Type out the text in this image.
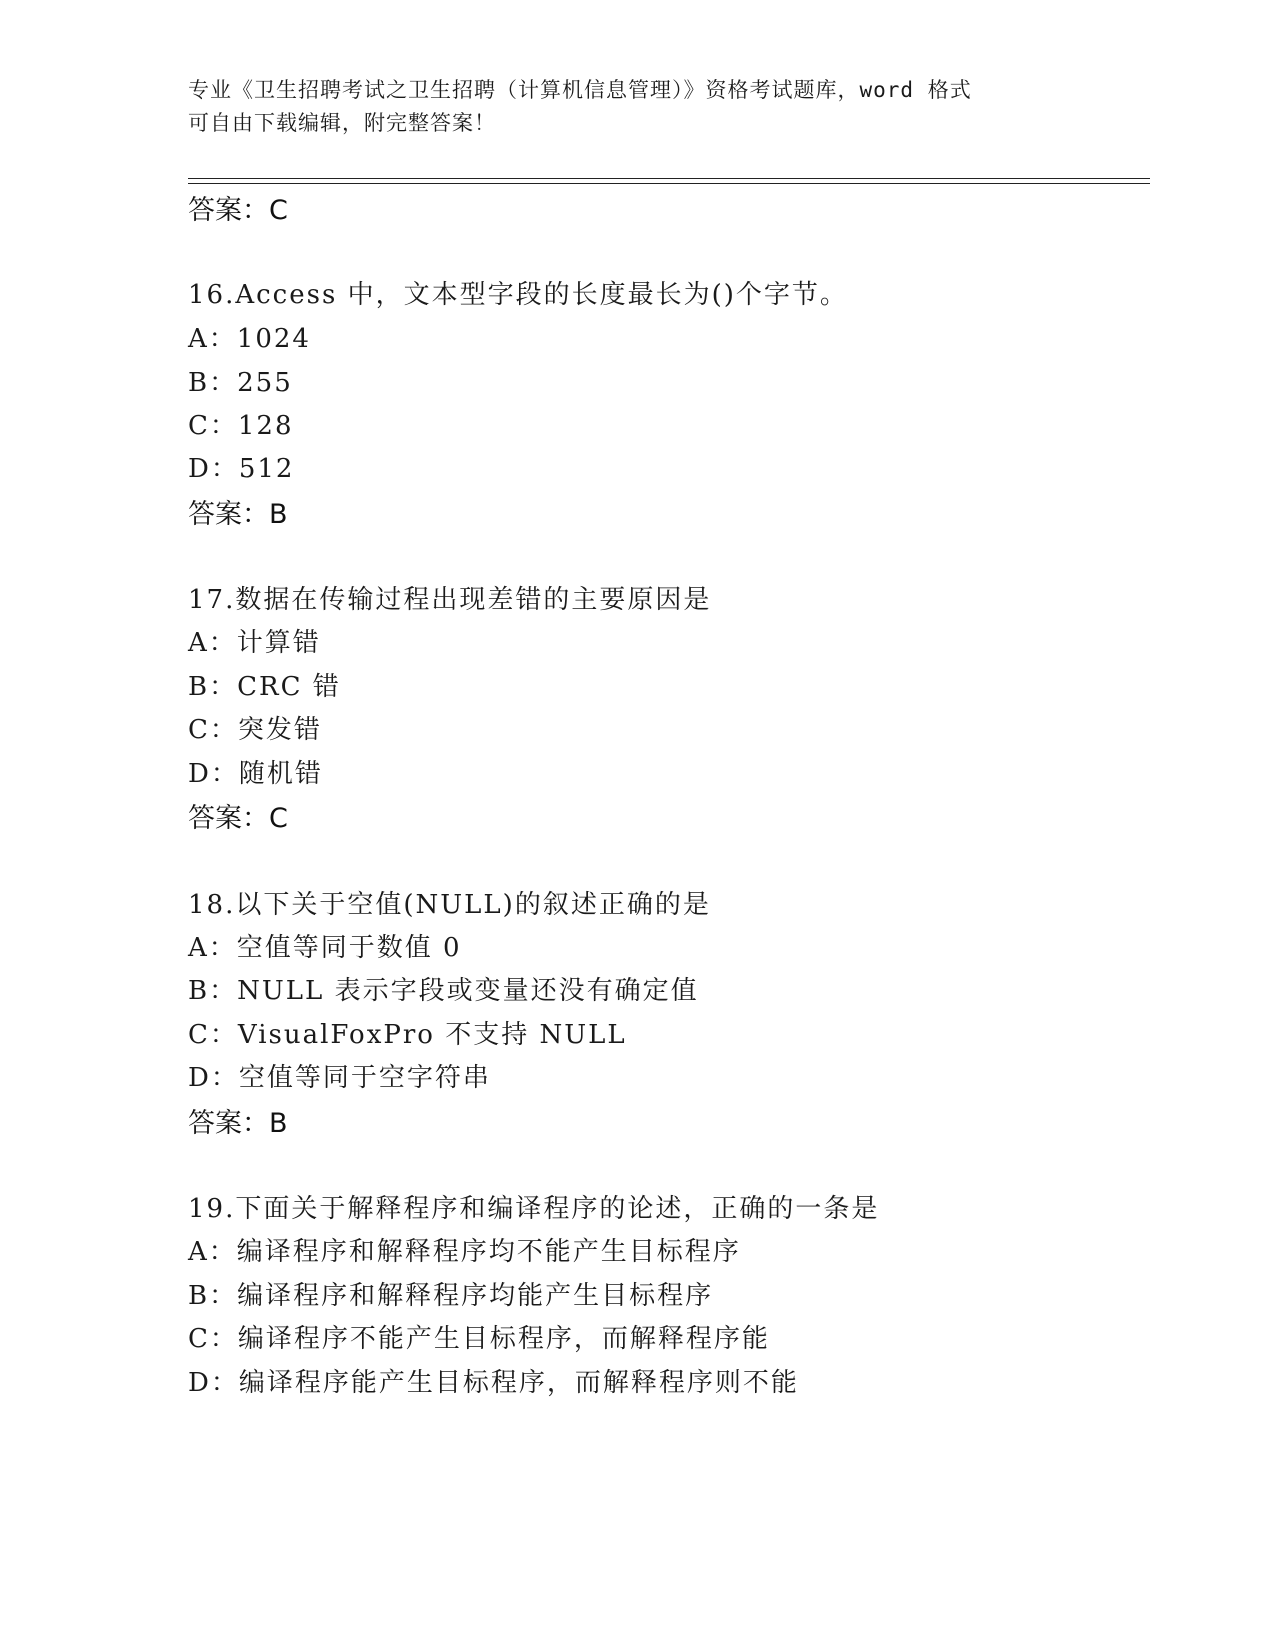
专业《卫生招聘考试之卫生招聘（计算机信息管理）》资格考试题库，word 格式
可自由下载编辑，附完整答案！
答案：C
16.Access 中，文本型字段的长度最长为()个字节。
A：1024
B：255
C：128
D：512
答案：B
17.数据在传输过程出现差错的主要原因是
A：计算错
B：CRC 错
C：突发错
D：随机错
答案：C
18.以下关于空值(NULL)的叙述正确的是
A：空值等同于数值 0
B：NULL 表示字段或变量还没有确定值
C：VisualFoxPro 不支持 NULL
D：空值等同于空字符串
答案：B
19.下面关于解释程序和编译程序的论述，正确的一条是
A：编译程序和解释程序均不能产生目标程序
B：编译程序和解释程序均能产生目标程序
C：编译程序不能产生目标程序，而解释程序能
D：编译程序能产生目标程序，而解释程序则不能
